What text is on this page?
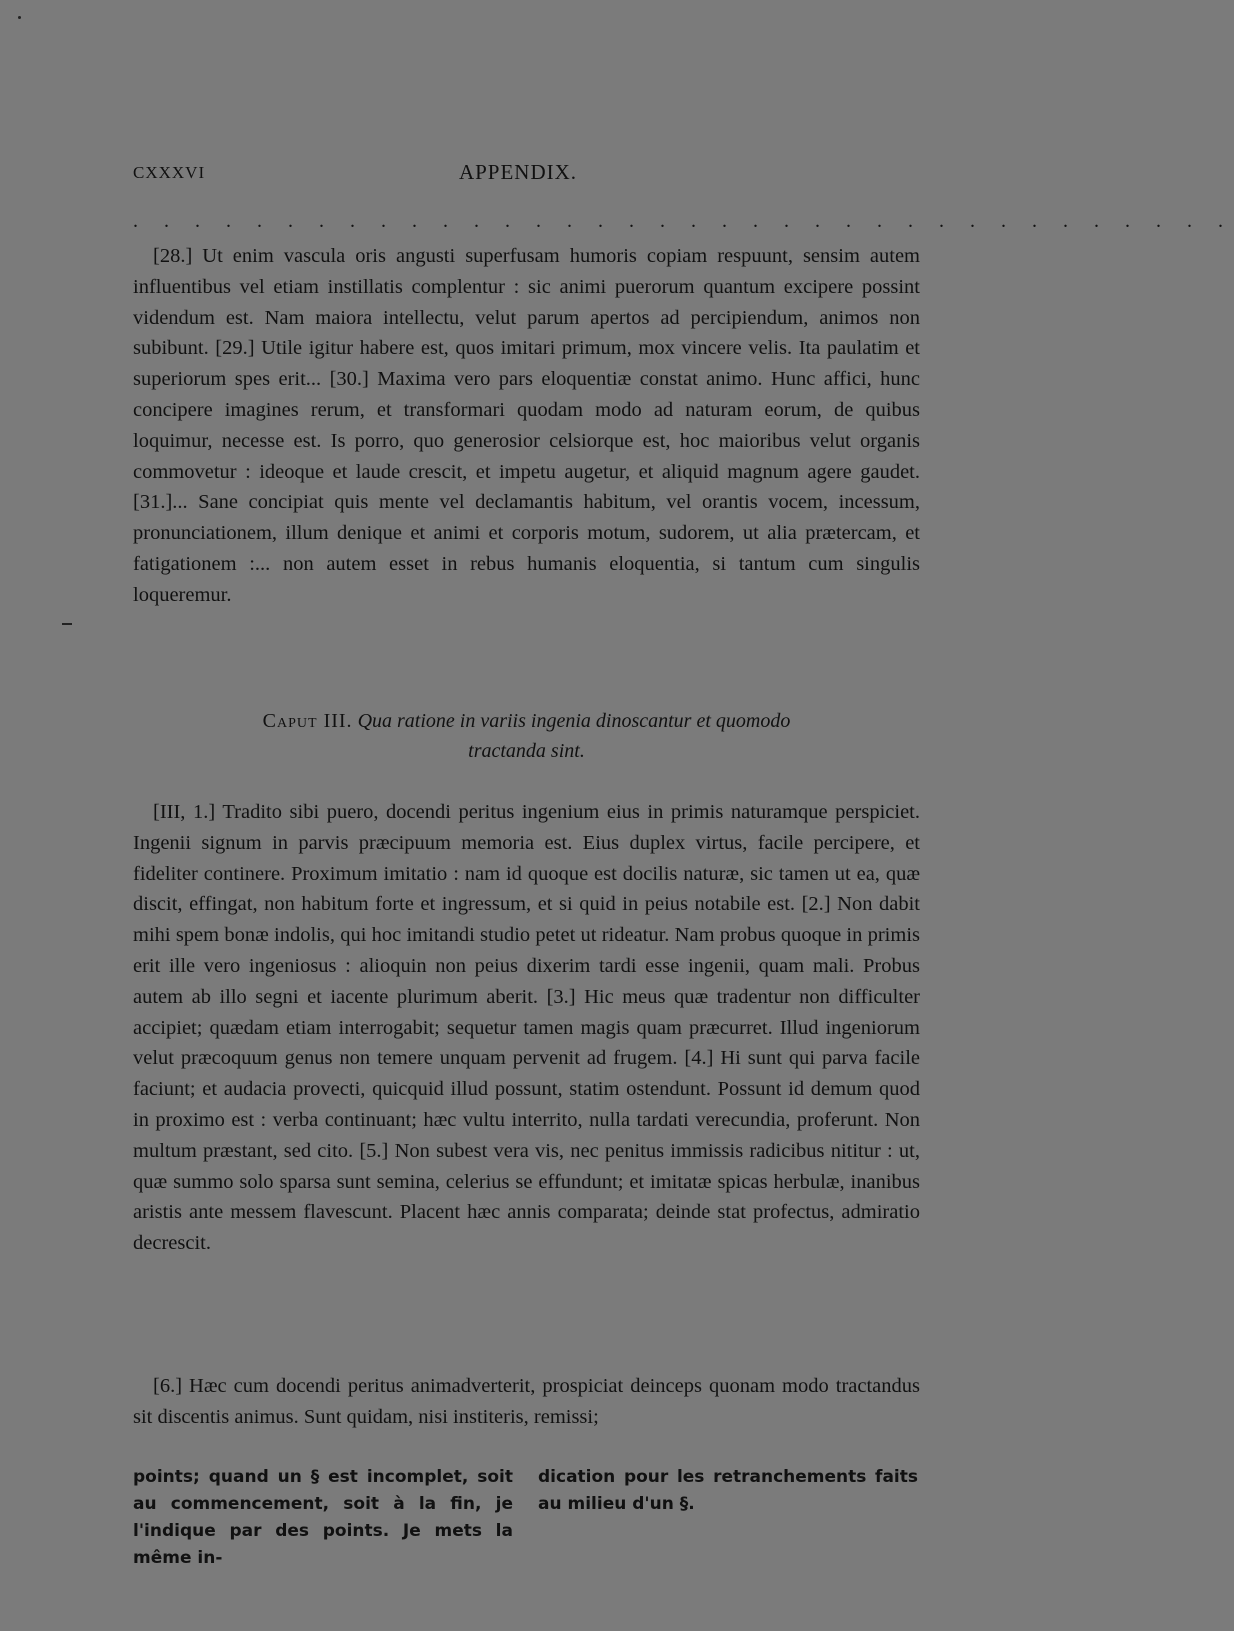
CXXXVI	APPENDIX.
. . . . . . . . . . . . . . . . . . . . . . . . . . . . . . . . . . . .

[28.] Ut enim vascula oris angusti superfusam humoris copiam respuunt, sensim autem influentibus vel etiam instillatis complentur : sic animi puerorum quantum excipere possint videndum est. Nam maiora intellectu, velut parum apertos ad percipiendum, animos non subibunt. [29.] Utile igitur habere est, quos imitari primum, mox vincere velis. Ita paulatim et superiorum spes erit... [30.] Maxima vero pars eloquentiæ constat animo. Hunc affici, hunc concipere imagines rerum, et transformari quodam modo ad naturam eorum, de quibus loquimur, necesse est. Is porro, quo generosior celsiorque est, hoc maioribus velut organis commovetur : ideoque et laude crescit, et impetu augetur, et aliquid magnum agere gaudet. [31.]... Sane concipiat quis mente vel declamantis habitum, vel orantis vocem, incessum, pronunciationem, illum denique et animi et corporis motum, sudorem, ut alia prætercam, et fatigationem :... non autem esset in rebus humanis eloquentia, si tantum cum singulis loqueremur.

Caput III. Qua ratione in variis ingenia dinoscantur et quomodo
tractanda sint.

[III, 1.] Tradito sibi puero, docendi peritus ingenium eius in primis naturamque perspiciet. Ingenii signum in parvis præcipuum memoria est. Eius duplex virtus, facile percipere, et fideliter continere. Proximum imitatio : nam id quoque est docilis naturæ, sic tamen ut ea, quæ discit, effingat, non habitum forte et ingressum, et si quid in peius notabile est. [2.] Non dabit mihi spem bonæ indolis, qui hoc imitandi studio petet ut rideatur. Nam probus quoque in primis erit ille vero ingeniosus : alioquin non peius dixerim tardi esse ingenii, quam mali. Probus autem ab illo segni et iacente plurimum aberit. [3.] Hic meus quæ tradentur non difficulter accipiet; quædam etiam interrogabit; sequetur tamen magis quam præcurret. Illud ingeniorum velut præcoquum genus non temere unquam pervenit ad frugem. [4.] Hi sunt qui parva facile faciunt; et audacia provecti, quicquid illud possunt, statim ostendunt. Possunt id demum quod in proximo est : verba continuant; hæc vultu interrito, nulla tardati verecundia, proferunt. Non multum præstant, sed cito. [5.] Non subest vera vis, nec penitus immissis radicibus nititur : ut, quæ summo solo sparsa sunt semina, celerius se effundunt; et imitatæ spicas herbulæ, inanibus aristis ante messem flavescunt. Placent hæc annis comparata; deinde stat profectus, admiratio decrescit.

[6.] Hæc cum docendi peritus animadverterit, prospiciat deinceps quonam modo tractandus sit discentis animus. Sunt quidam, nisi institeris, remissi;

points; quand un § est incomplet, soit au commencement, soit à la fin, je l'indique par des points. Je mets la même in-
dication pour les retranchements faits au milieu d'un §.
